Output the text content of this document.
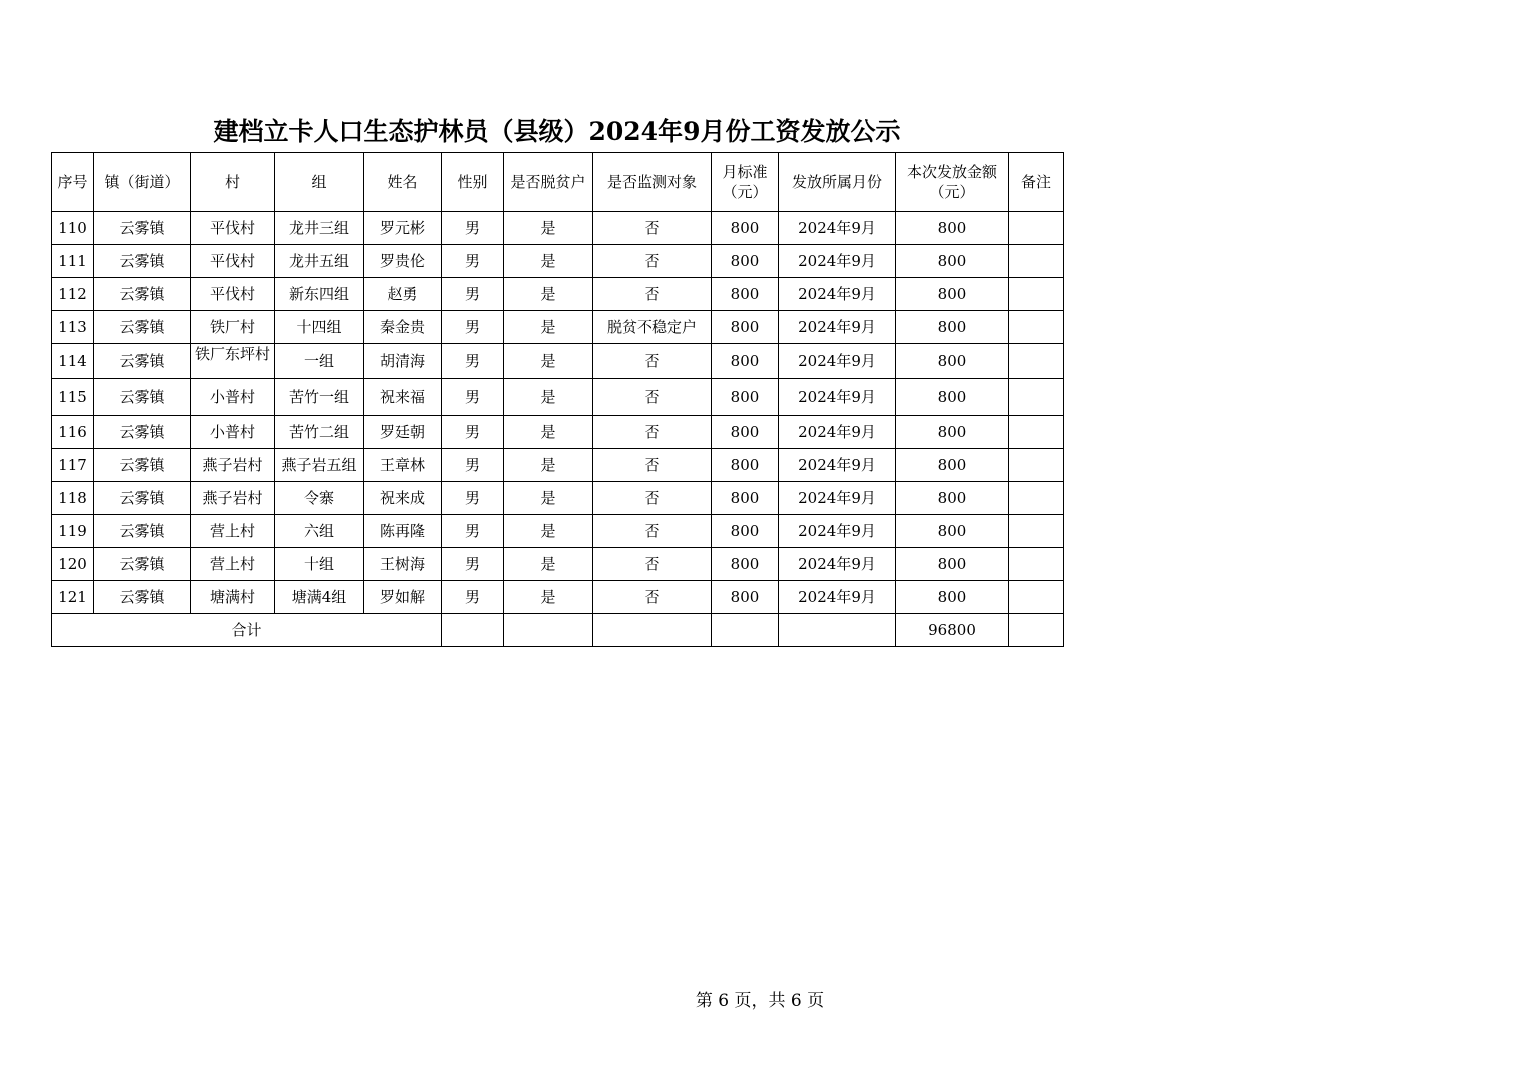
建档立卡人口生态护林员（县级）2024年9月份工资发放公示
序号	镇（街道）	村	组	姓名	性别	是否脱贫户	是否监测对象	月标准（元）	发放所属月份	本次发放金额（元）	备注
110	云雾镇	平伐村	龙井三组	罗元彬	男	是	否	800	2024年9月	800	
111	云雾镇	平伐村	龙井五组	罗贵伦	男	是	否	800	2024年9月	800	
112	云雾镇	平伐村	新东四组	赵勇	男	是	否	800	2024年9月	800	
113	云雾镇	铁厂村	十四组	秦金贵	男	是	脱贫不稳定户	800	2024年9月	800	
114	云雾镇	铁厂东坪村	一组	胡清海	男	是	否	800	2024年9月	800	
115	云雾镇	小普村	苦竹一组	祝来福	男	是	否	800	2024年9月	800	
116	云雾镇	小普村	苦竹二组	罗廷朝	男	是	否	800	2024年9月	800	
117	云雾镇	燕子岩村	燕子岩五组	王章林	男	是	否	800	2024年9月	800	
118	云雾镇	燕子岩村	令寨	祝来成	男	是	否	800	2024年9月	800	
119	云雾镇	营上村	六组	陈再隆	男	是	否	800	2024年9月	800	
120	云雾镇	营上村	十组	王树海	男	是	否	800	2024年9月	800	
121	云雾镇	塘满村	塘满4组	罗如解	男	是	否	800	2024年9月	800	
合计										96800	
第 6 页，共 6 页
